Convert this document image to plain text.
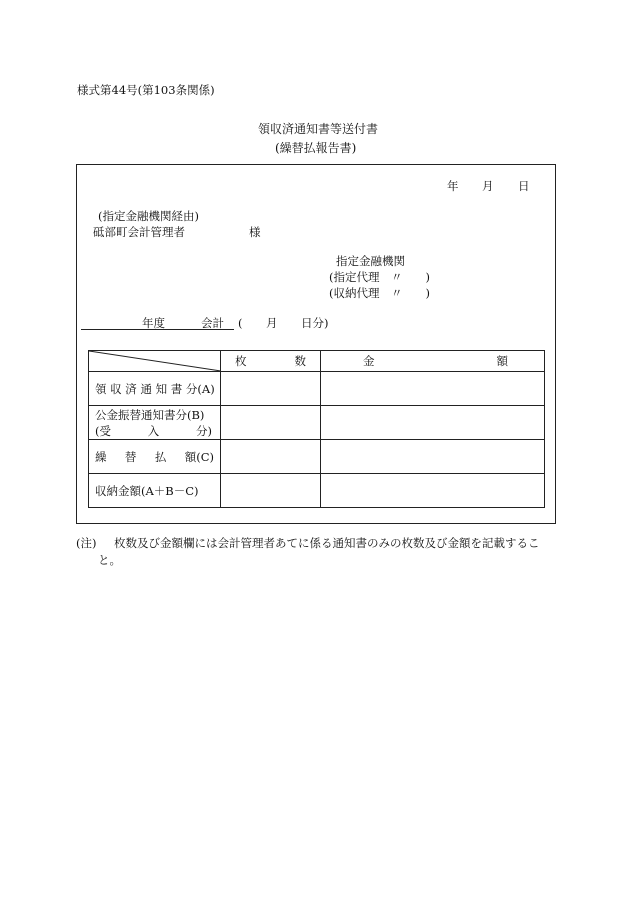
様式第44号(第103条関係)
領収済通知書等送付書
(繰替払報告書)
年 月 日
(指定金融機関経由)
砥部町会計管理者	様
指定金融機関
(指定代理　〃　　)
(収納代理　〃　　)
年度	会計 ( 月 日分)

枚 数	金 額

領 収 済 通 知 書 分(A)		

公金振替通知書分(B)
(受 入 分)		

繰 替 払 額(C)		

収納金額(A＋B－C)		
(注) 枚数及び金額欄には会計管理者あてに係る通知書のみの枚数及び金額を記載するこ
と。
